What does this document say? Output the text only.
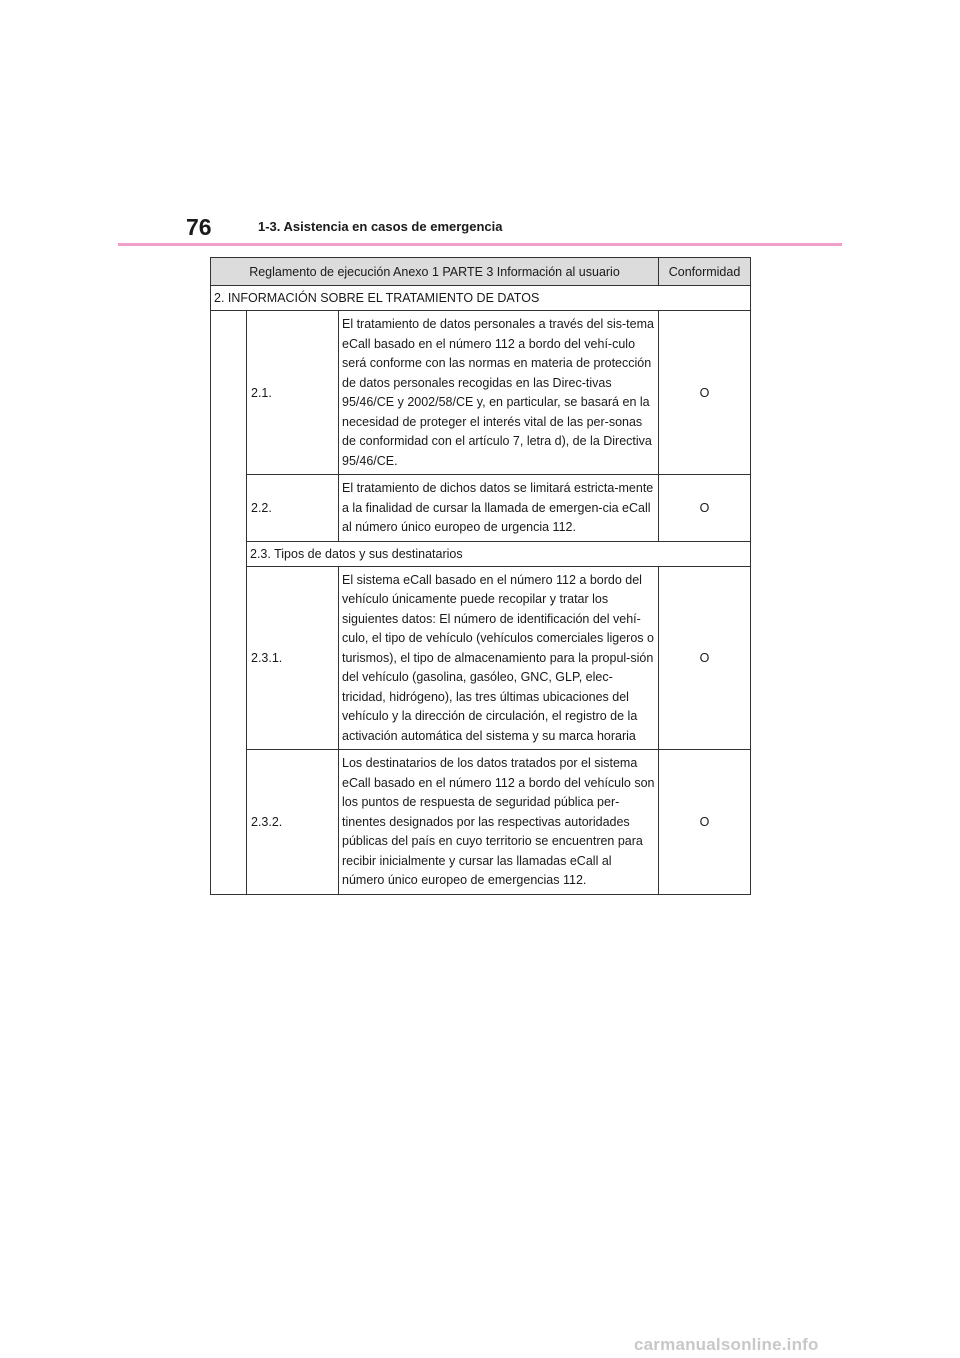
76	1-3. Asistencia en casos de emergencia
Reglamento de ejecución Anexo 1 PARTE 3 Información al usuario			Conformidad
2. INFORMACIÓN SOBRE EL TRATAMIENTO DE DATOS			
	2.1.	El tratamiento de datos personales a través del sis-tema eCall basado en el número 112 a bordo del vehí-culo será conforme con las normas en materia de protección de datos personales recogidas en las Direc-tivas 95/46/CE y 2002/58/CE y, en particular, se basará en la necesidad de proteger el interés vital de las per-sonas de conformidad con el artículo 7, letra d), de la Directiva 95/46/CE.	O
	2.2.	El tratamiento de dichos datos se limitará estricta-mente a la finalidad de cursar la llamada de emergen-cia eCall al número único europeo de urgencia 112.	O
	2.3. Tipos de datos y sus destinatarios		
	2.3.1.	El sistema eCall basado en el número 112 a bordo del vehículo únicamente puede recopilar y tratar los siguientes datos: El número de identificación del vehí-culo, el tipo de vehículo (vehículos comerciales ligeros o turismos), el tipo de almacenamiento para la propul-sión del vehículo (gasolina, gasóleo, GNC, GLP, elec-tricidad, hidrógeno), las tres últimas ubicaciones del vehículo y la dirección de circulación, el registro de la activación automática del sistema y su marca horaria	O
	2.3.2.	Los destinatarios de los datos tratados por el sistema eCall basado en el número 112 a bordo del vehículo son los puntos de respuesta de seguridad pública per-tinentes designados por las respectivas autoridades públicas del país en cuyo territorio se encuentren para recibir inicialmente y cursar las llamadas eCall al número único europeo de emergencias 112.	O
carmanualsonline.info
